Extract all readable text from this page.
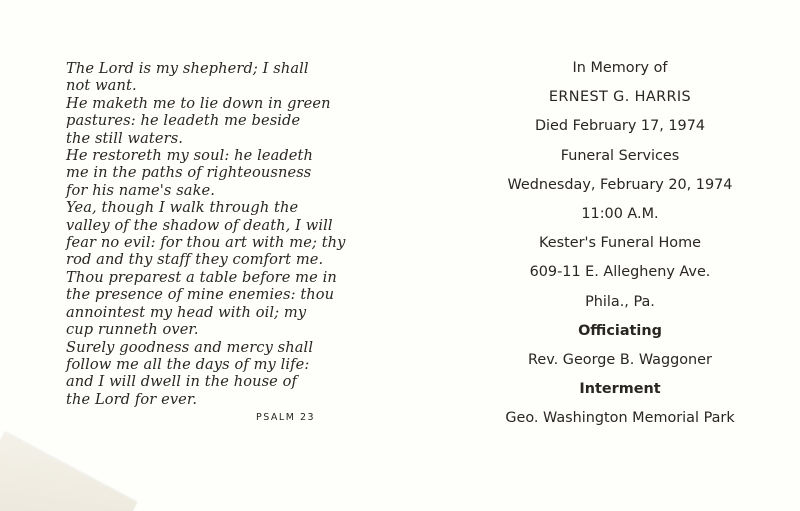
The Lord is my shepherd; I shall
not want.
He maketh me to lie down in green
pastures: he leadeth me beside
the still waters.
He restoreth my soul: he leadeth
me in the paths of righteousness
for his name's sake.
Yea, though I walk through the
valley of the shadow of death, I will
fear no evil: for thou art with me; thy
rod and thy staff they comfort me.
Thou preparest a table before me in
the presence of mine enemies: thou
annointest my head with oil; my
cup runneth over.
Surely goodness and mercy shall
follow me all the days of my life:
and I will dwell in the house of
the Lord for ever.
PSALM 23
In Memory of
ERNEST G. HARRIS
Died February 17, 1974
Funeral Services
Wednesday, February 20, 1974
11:00 A.M.
Kester's Funeral Home
609-11 E. Allegheny Ave.
Phila., Pa.
Officiating
Rev. George B. Waggoner
Interment
Geo. Washington Memorial Park
